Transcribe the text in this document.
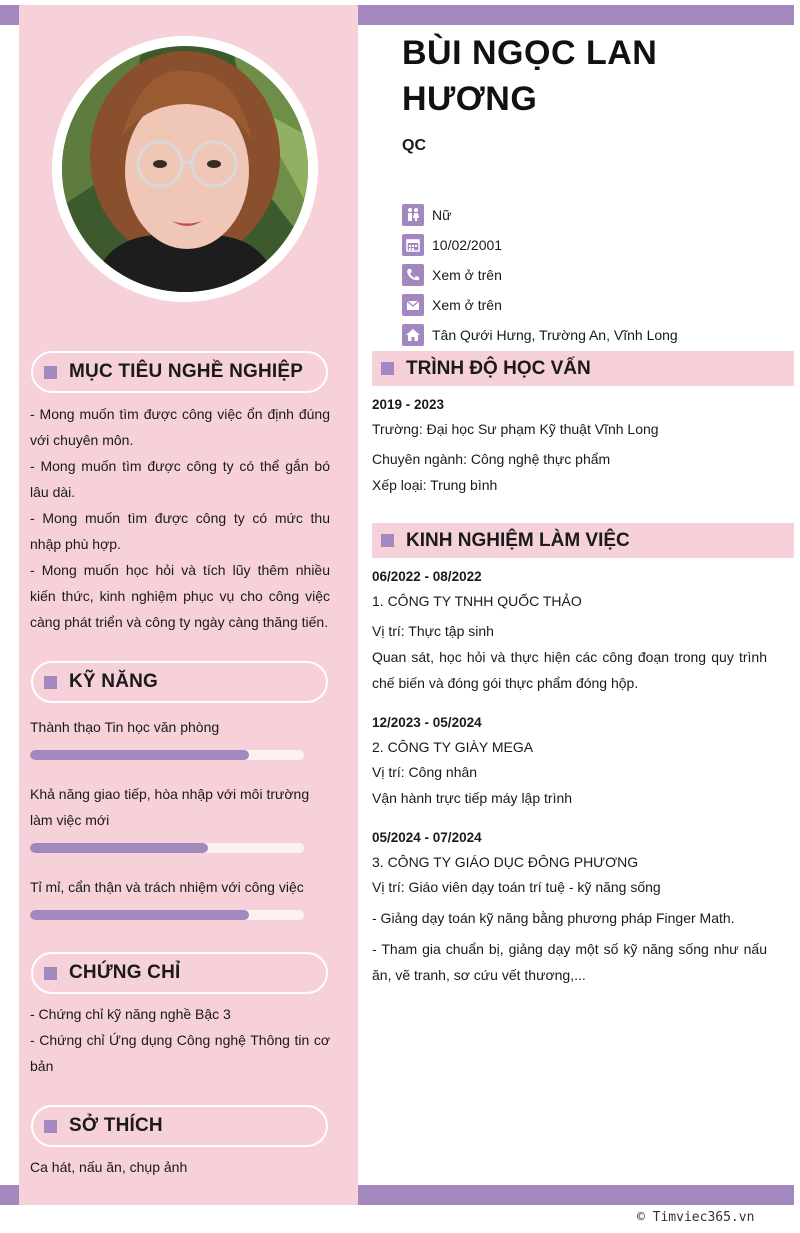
MỤC TIÊU NGHỀ NGHIỆP

- Mong muốn tìm được công việc ổn định đúng với chuyên môn.

- Mong muốn tìm được công ty có thể gắn bó lâu dài.

- Mong muốn tìm được công ty có mức thu nhập phù hợp.

- Mong muốn học hỏi và tích lũy thêm nhiều kiến thức, kinh nghiệm phục vụ cho công việc càng phát triển và công ty ngày càng thăng tiến.

KỸ NĂNG
Thành thạo Tin học văn phòng
Khả năng giao tiếp, hòa nhập với môi trường làm việc mới
Tỉ mỉ, cẩn thận và trách nhiệm với công việc
CHỨNG CHỈ

- Chứng chỉ kỹ năng nghề Bậc 3

- Chứng chỉ Ứng dụng Công nghệ Thông tin cơ bản

SỞ THÍCH
Ca hát, nấu ăn, chụp ảnh
BÙI NGỌC LAN HƯƠNG
QC
Nữ
10/02/2001
Xem ở trên
Xem ở trên
Tân Qưới Hưng, Trường An, Vĩnh Long
TRÌNH ĐỘ HỌC VẤN
2019 - 2023
Trường: Đại học Sư phạm Kỹ thuật Vĩnh Long
Chuyên ngành: Công nghệ thực phẩm
Xếp loại: Trung bình
KINH NGHIỆM LÀM VIỆC
06/2022 - 08/2022
1. CÔNG TY TNHH QUỐC THẢO
Vị trí: Thực tập sinh
Quan sát, học hỏi và thực hiện các công đoạn trong quy trình chế biến và đóng gói thực phẩm đóng hộp.
12/2023 - 05/2024
2. CÔNG TY GIÀY MEGA
Vị trí: Công nhân
Vận hành trực tiếp máy lập trình
05/2024 - 07/2024
3. CÔNG TY GIÁO DỤC ĐÔNG PHƯƠNG
Vị trí: Giáo viên dạy toán trí tuệ - kỹ năng sống
- Giảng dạy toán kỹ năng bằng phương pháp Finger Math.
- Tham gia chuẩn bị, giảng dạy một số kỹ năng sống như nấu ăn, vẽ tranh, sơ cứu vết thương,...
© Timviec365.vn
